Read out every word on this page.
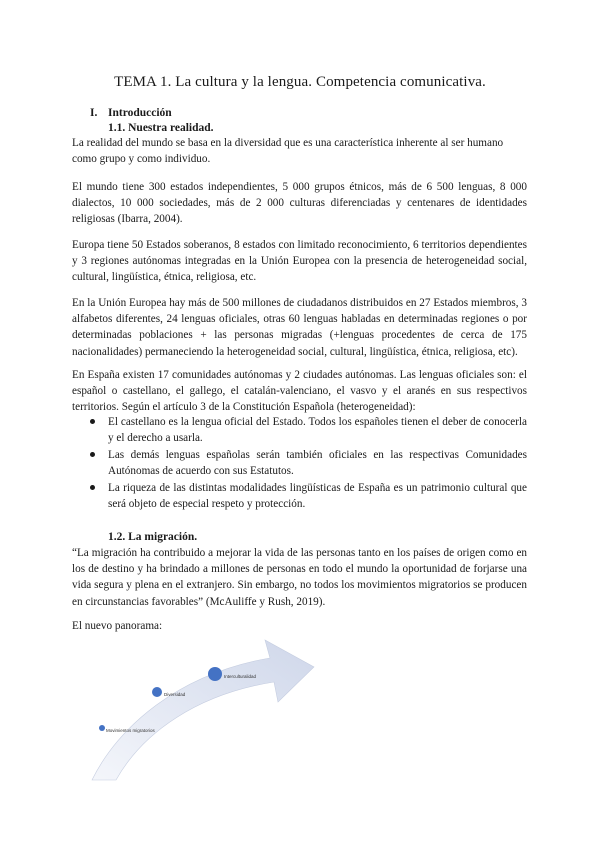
TEMA 1. La cultura y la lengua. Competencia comunicativa.
I. Introducción
1.1. Nuestra realidad.
La realidad del mundo se basa en la diversidad que es una característica inherente al ser humano como grupo y como individuo.
El mundo tiene 300 estados independientes, 5 000 grupos étnicos, más de 6 500 lenguas, 8 000 dialectos, 10 000 sociedades, más de 2 000 culturas diferenciadas y centenares de identidades religiosas (Ibarra, 2004).
Europa tiene 50 Estados soberanos, 8 estados con limitado reconocimiento, 6 territorios dependientes y 3 regiones autónomas integradas en la Unión Europea con la presencia de heterogeneidad social, cultural, lingüística, étnica, religiosa, etc.
En la Unión Europea hay más de 500 millones de ciudadanos distribuidos en 27 Estados miembros, 3 alfabetos diferentes, 24 lenguas oficiales, otras 60 lenguas habladas en determinadas regiones o por determinadas poblaciones + las personas migradas (+lenguas procedentes de cerca de 175 nacionalidades) permaneciendo la heterogeneidad social, cultural, lingüística, étnica, religiosa, etc).
En España existen 17 comunidades autónomas y 2 ciudades autónomas. Las lenguas oficiales son: el español o castellano, el gallego, el catalán-valenciano, el vasvo y el aranés en sus respectivos territorios. Según el artículo 3 de la Constitución Española (heterogeneidad):
El castellano es la lengua oficial del Estado. Todos los españoles tienen el deber de conocerla y el derecho a usarla.
Las demás lenguas españolas serán también oficiales en las respectivas Comunidades Autónomas de acuerdo con sus Estatutos.
La riqueza de las distintas modalidades lingüísticas de España es un patrimonio cultural que será objeto de especial respeto y protección.
1.2. La migración.
“La migración ha contribuido a mejorar la vida de las personas tanto en los países de origen como en los de destino y ha brindado a millones de personas en todo el mundo la oportunidad de forjarse una vida segura y plena en el extranjero. Sin embargo, no todos los movimientos migratorios se producen en circunstancias favorables” (McAuliffe y Rush, 2019).
El nuevo panorama:
Movimientos migratorios
Diversidad
Interculturalidad
